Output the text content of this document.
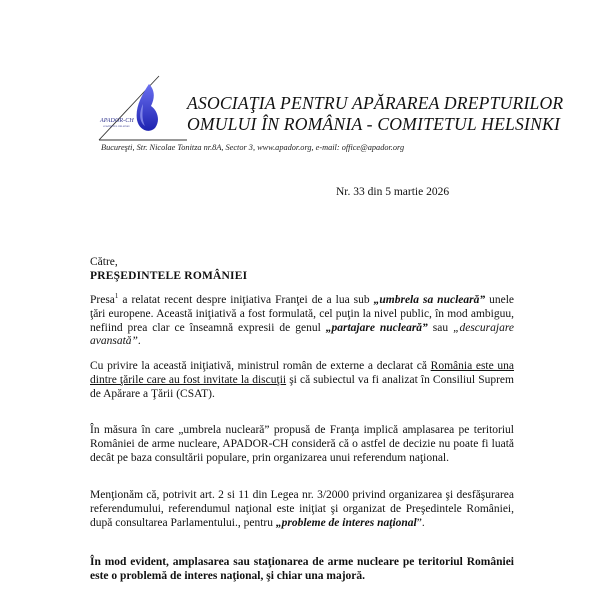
APADOR-CH
COMITETUL HELSINKI
ASOCIAŢIA PENTRU APĂRAREA DREPTURILOR
OMULUI ÎN ROMÂNIA - COMITETUL HELSINKI
Bucureşti, Str. Nicolae Tonitza nr.8A, Sector 3, www.apador.org, e-mail: office@apador.org
Nr. 33 din 5 martie 2026
Către,
PREŞEDINTELE ROMÂNIEI
Presa$^1$ a relatat recent despre iniţiativa Franţei de a lua sub „umbrela sa nucleară” unele ţări europene. Această iniţiativă a fost formulată, cel puţin la nivel public, în mod ambiguu, nefiind prea clar ce înseamnă expresii de genul „partajare nucleară” sau „descurajare avansată”.
Cu privire la această iniţiativă, ministrul român de externe a declarat că România este una dintre ţările care au fost invitate la discuţii şi că subiectul va fi analizat în Consiliul Suprem de Apărare a Ţării (CSAT).
În măsura în care „umbrela nucleară” propusă de Franţa implică amplasarea pe teritoriul României de arme nucleare, APADOR-CH consideră că o astfel de decizie nu poate fi luată decât pe baza consultării populare, prin organizarea unui referendum naţional.
Menţionăm că, potrivit art. 2 si 11 din Legea nr. 3/2000 privind organizarea şi desfăşurarea referendumului, referendumul naţional este iniţiat şi organizat de Preşedintele României, după consultarea Parlamentului., pentru „probleme de interes naţional”.
În mod evident, amplasarea sau staţionarea de arme nucleare pe teritoriul României este o problemă de interes naţional, şi chiar una majoră.
